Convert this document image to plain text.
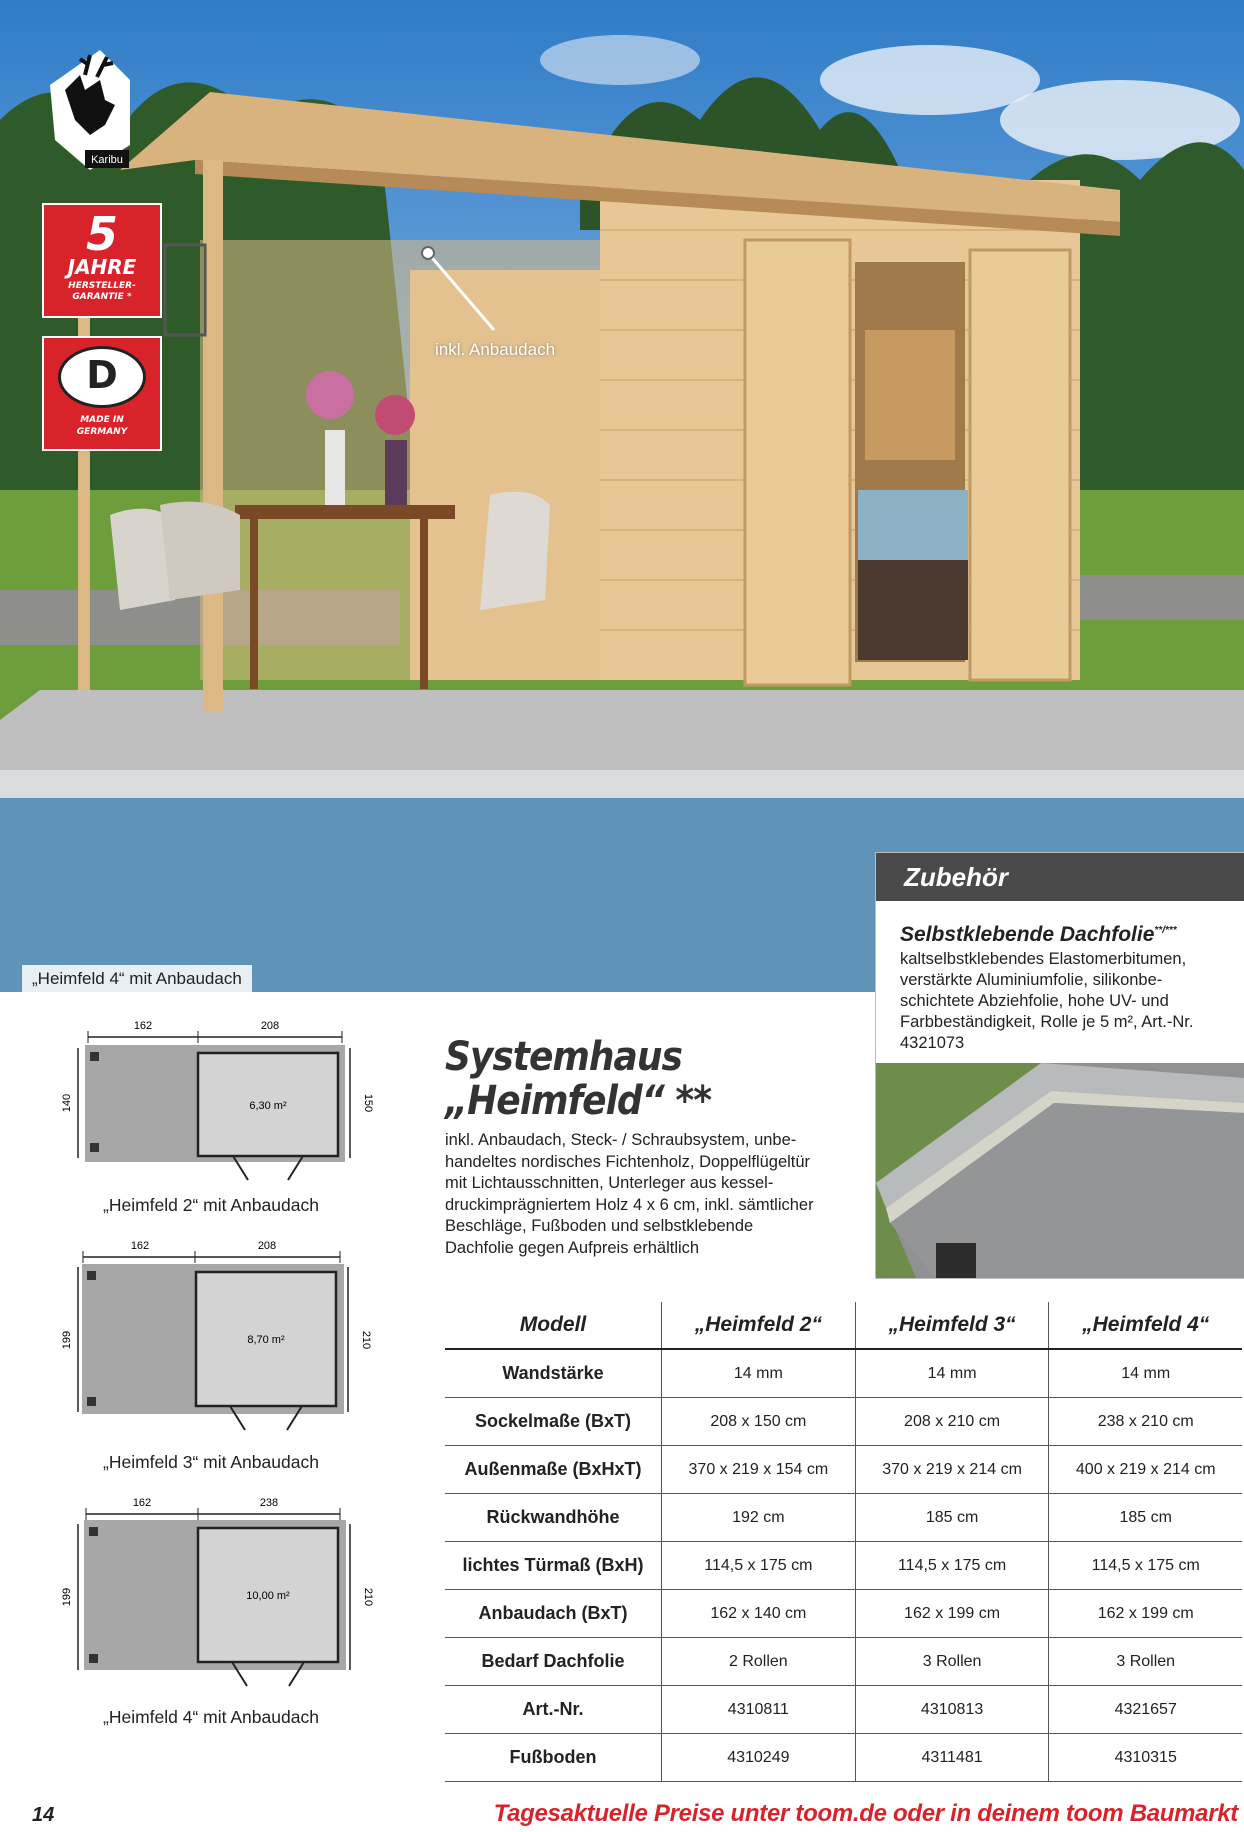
Karibu
5
JAHRE
HERSTELLER-
GARANTIE *
D
MADE IN
GERMANY
inkl. Anbaudach
„Heimfeld 4“ mit Anbaudach
Zubehör
Selbstklebende Dachfolie**/***
kaltselbstklebendes Elastomerbitumen, verstärkte Aluminiumfolie, silikonbeschichtete Abziehfolie, hohe UV- und Farbbeständigkeit, Rolle je 5 m², Art.-Nr. 4321073
Systemhaus
„Heimfeld“ **
inkl. Anbaudach, Steck- / Schraubsystem, unbehandeltes nordisches Fichtenholz, Doppelflügeltür mit Lichtausschnitten, Unterleger aus kesseldruckimprägniertem Holz 4 x 6 cm, inkl. sämtlicher Beschläge, Fußboden und selbstklebende Dachfolie gegen Aufpreis erhältlich
162	208
140	150
6,30 m²
„Heimfeld 2“ mit Anbaudach
162	208
199	210
8,70 m²
„Heimfeld 3“ mit Anbaudach
162	238
199	210
10,00 m²
„Heimfeld 4“ mit Anbaudach
Modell	„Heimfeld 2“	„Heimfeld 3“	„Heimfeld 4“
Wandstärke	14 mm	14 mm	14 mm
Sockelmaße (BxT)	208 x 150 cm	208 x 210 cm	238 x 210 cm
Außenmaße (BxHxT)	370 x 219 x 154 cm	370 x 219 x 214 cm	400 x 219 x 214 cm
Rückwandhöhe	192 cm	185 cm	185 cm
lichtes Türmaß (BxH)	114,5 x 175 cm	114,5 x 175 cm	114,5 x 175 cm
Anbaudach (BxT)	162 x 140 cm	162 x 199 cm	162 x 199 cm
Bedarf Dachfolie	2 Rollen	3 Rollen	3 Rollen
Art.-Nr.	4310811	4310813	4321657
Fußboden	4310249	4311481	4310315
14	Tagesaktuelle Preise unter toom.de oder in deinem toom Baumarkt
